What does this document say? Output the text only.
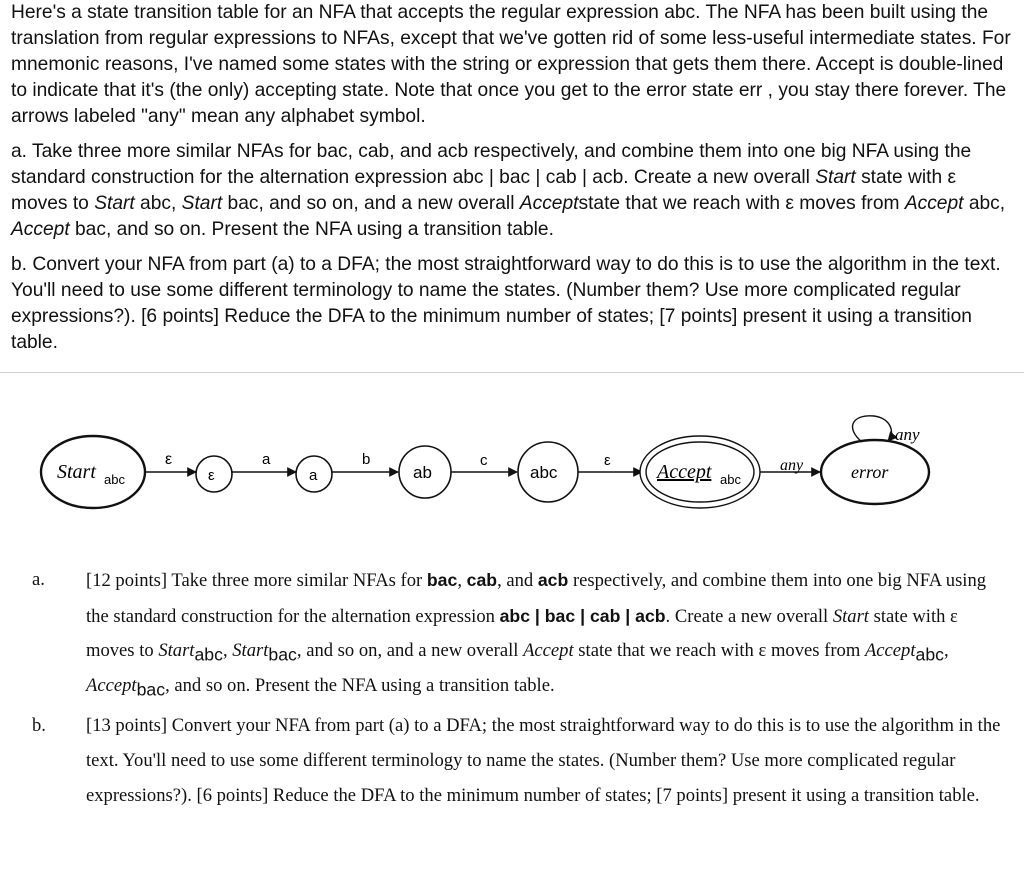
Here's a state transition table for an NFA that accepts the regular expression abc. The NFA has been built using the translation from regular expressions to NFAs, except that we've gotten rid of some less-useful intermediate states. For mnemonic reasons, I've named some states with the string or expression that gets them there. Accept is double-lined to indicate that it's (the only) accepting state. Note that once you get to the error state err , you stay there forever. The arrows labeled "any" mean any alphabet symbol.

a. Take three more similar NFAs for bac, cab, and acb respectively, and combine them into one big NFA using the standard construction for the alternation expression abc | bac | cab | acb. Create a new overall Start state with ε moves to Start abc, Start bac, and so on, and a new overall Acceptstate that we reach with ε moves from Accept abc, Accept bac, and so on. Present the NFA using a transition table.

b. Convert your NFA from part (a) to a DFA; the most straightforward way to do this is to use the algorithm in the text. You'll need to use some different terminology to name the states. (Number them? Use more complicated regular expressions?). [6 points] Reduce the DFA to the minimum number of states; [7 points] present it using a transition table.

Start abc
ε
ε
a
a
b
ab
c
abc
ε
Accept abc
any	error
any
a. [12 points] Take three more similar NFAs for bac, cab, and acb respectively, and combine them into one big NFA using the standard construction for the alternation expression abc | bac | cab | acb. Create a new overall Start state with ε moves to Start$_{abc}$, Start$_{bac}$, and so on, and a new overall Accept state that we reach with ε moves from Accept$_{abc}$, Accept$_{bac}$, and so on. Present the NFA using a transition table.
b. [13 points] Convert your NFA from part (a) to a DFA; the most straightforward way to do this is to use the algorithm in the text. You'll need to use some different terminology to name the states. (Number them? Use more complicated regular expressions?). [6 points] Reduce the DFA to the minimum number of states; [7 points] present it using a transition table.
